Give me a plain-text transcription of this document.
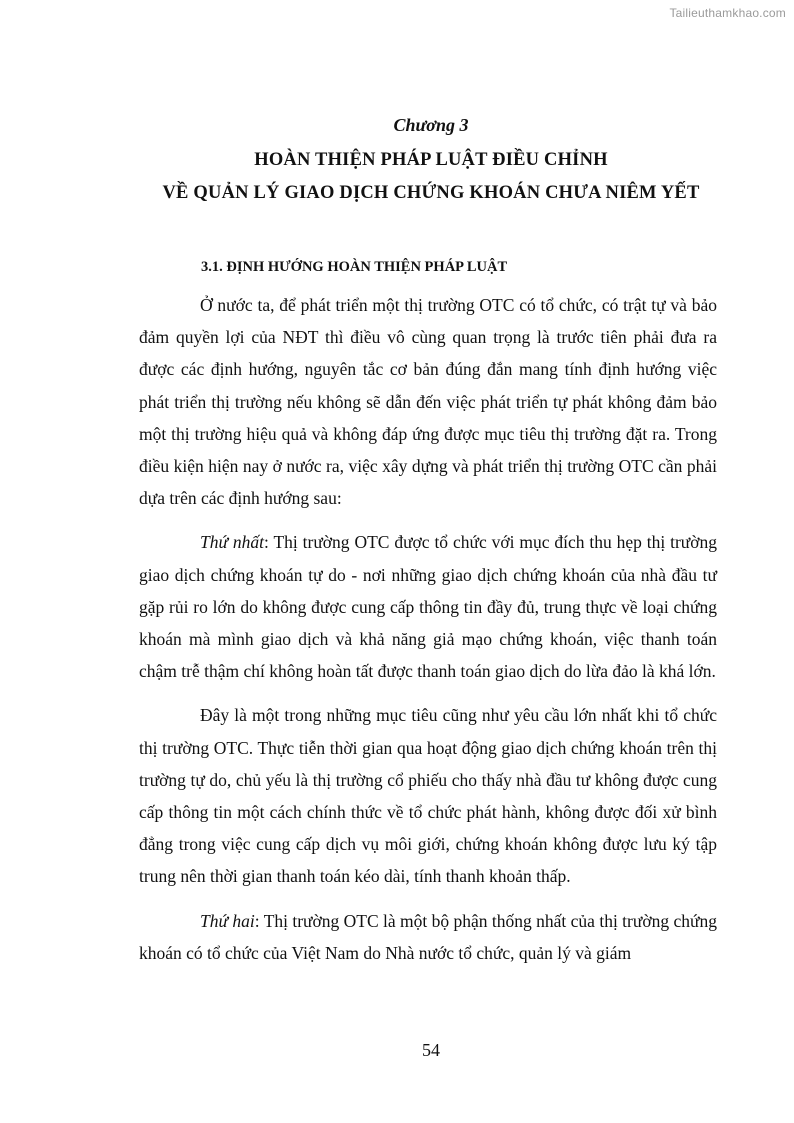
Tailieuthamkhao.com
Chương 3
HOÀN THIỆN PHÁP LUẬT ĐIỀU CHỈNH
VỀ QUẢN LÝ GIAO DỊCH CHỨNG KHOÁN CHƯA NIÊM YẾT
3.1. ĐỊNH HƯỚNG HOÀN THIỆN PHÁP LUẬT

Ở nước ta, để phát triển một thị trường OTC có tổ chức, có trật tự và bảo đảm quyền lợi của NĐT thì điều vô cùng quan trọng là trước tiên phải đưa ra được các định hướng, nguyên tắc cơ bản đúng đắn mang tính định hướng việc phát triển thị trường nếu không sẽ dẫn đến việc phát triển tự phát không đảm bảo một thị trường hiệu quả và không đáp ứng được mục tiêu thị trường đặt ra. Trong điều kiện hiện nay ở nước ra, việc xây dựng và phát triển thị trường OTC cần phải dựa trên các định hướng sau:

Thứ nhất: Thị trường OTC được tổ chức với mục đích thu hẹp thị trường giao dịch chứng khoán tự do - nơi những giao dịch chứng khoán của nhà đầu tư gặp rủi ro lớn do không được cung cấp thông tin đầy đủ, trung thực về loại chứng khoán mà mình giao dịch và khả năng giả mạo chứng khoán, việc thanh toán chậm trễ thậm chí không hoàn tất được thanh toán giao dịch do lừa đảo là khá lớn.

Đây là một trong những mục tiêu cũng như yêu cầu lớn nhất khi tổ chức thị trường OTC. Thực tiễn thời gian qua hoạt động giao dịch chứng khoán trên thị trường tự do, chủ yếu là thị trường cổ phiếu cho thấy nhà đầu tư không được cung cấp thông tin một cách chính thức về tổ chức phát hành, không được đối xử bình đẳng trong việc cung cấp dịch vụ môi giới, chứng khoán không được lưu ký tập trung nên thời gian thanh toán kéo dài, tính thanh khoản thấp.

Thứ hai: Thị trường OTC là một bộ phận thống nhất của thị trường chứng khoán có tổ chức của Việt Nam do Nhà nước tổ chức, quản lý và giám

54
